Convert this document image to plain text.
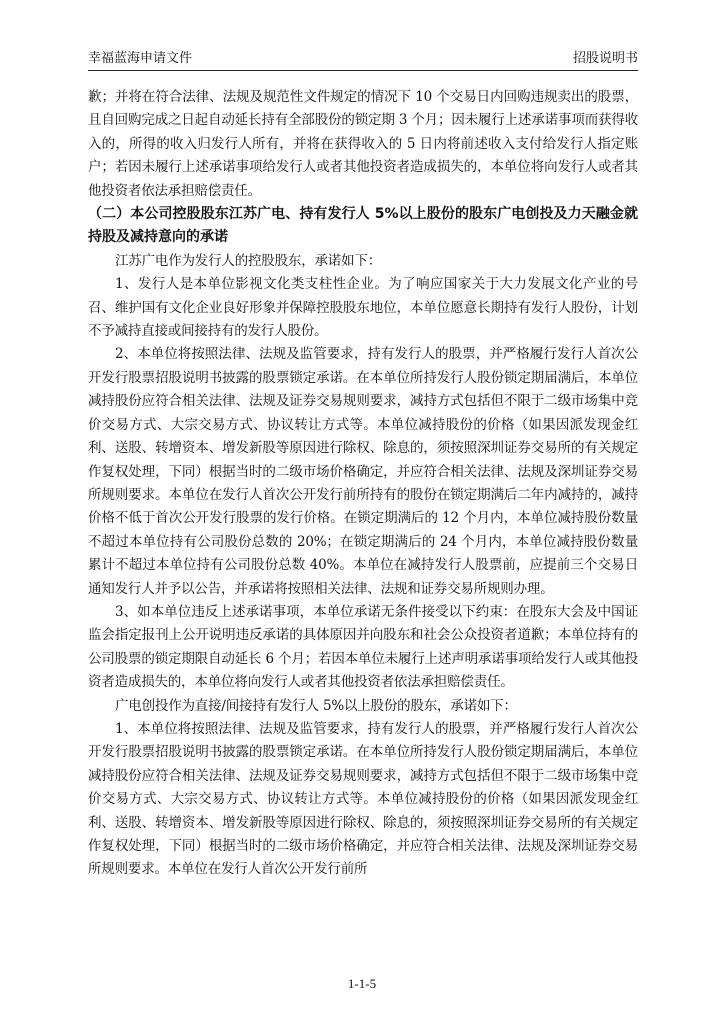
幸福蓝海申请文件	招股说明书

歉；并将在符合法律、法规及规范性文件规定的情况下 10 个交易日内回购违规卖出的股票，且自回购完成之日起自动延长持有全部股份的锁定期 3 个月；因未履行上述承诺事项而获得收入的，所得的收入归发行人所有，并将在获得收入的 5 日内将前述收入支付给发行人指定账户；若因未履行上述承诺事项给发行人或者其他投资者造成损失的，本单位将向发行人或者其他投资者依法承担赔偿责任。

（二）本公司控股股东江苏广电、持有发行人 5%以上股份的股东广电创投及力天融金就持股及减持意向的承诺

江苏广电作为发行人的控股股东，承诺如下：

1、发行人是本单位影视文化类支柱性企业。为了响应国家关于大力发展文化产业的号召、维护国有文化企业良好形象并保障控股股东地位，本单位愿意长期持有发行人股份，计划不予减持直接或间接持有的发行人股份。

2、本单位将按照法律、法规及监管要求，持有发行人的股票，并严格履行发行人首次公开发行股票招股说明书披露的股票锁定承诺。在本单位所持发行人股份锁定期届满后，本单位减持股份应符合相关法律、法规及证券交易规则要求，减持方式包括但不限于二级市场集中竞价交易方式、大宗交易方式、协议转让方式等。本单位减持股份的价格（如果因派发现金红利、送股、转增资本、增发新股等原因进行除权、除息的，须按照深圳证券交易所的有关规定作复权处理，下同）根据当时的二级市场价格确定，并应符合相关法律、法规及深圳证券交易所规则要求。本单位在发行人首次公开发行前所持有的股份在锁定期满后二年内减持的，减持价格不低于首次公开发行股票的发行价格。在锁定期满后的 12 个月内，本单位减持股份数量不超过本单位持有公司股份总数的 20%；在锁定期满后的 24 个月内，本单位减持股份数量累计不超过本单位持有公司股份总数 40%。本单位在减持发行人股票前，应提前三个交易日通知发行人并予以公告，并承诺将按照相关法律、法规和证券交易所规则办理。

3、如本单位违反上述承诺事项，本单位承诺无条件接受以下约束：在股东大会及中国证监会指定报刊上公开说明违反承诺的具体原因并向股东和社会公众投资者道歉；本单位持有的公司股票的锁定期限自动延长 6 个月；若因本单位未履行上述声明承诺事项给发行人或其他投资者造成损失的，本单位将向发行人或者其他投资者依法承担赔偿责任。

广电创投作为直接/间接持有发行人 5%以上股份的股东，承诺如下：

1、本单位将按照法律、法规及监管要求，持有发行人的股票，并严格履行发行人首次公开发行股票招股说明书披露的股票锁定承诺。在本单位所持发行人股份锁定期届满后，本单位减持股份应符合相关法律、法规及证券交易规则要求，减持方式包括但不限于二级市场集中竞价交易方式、大宗交易方式、协议转让方式等。本单位减持股份的价格（如果因派发现金红利、送股、转增资本、增发新股等原因进行除权、除息的，须按照深圳证券交易所的有关规定作复权处理，下同）根据当时的二级市场价格确定，并应符合相关法律、法规及深圳证券交易所规则要求。本单位在发行人首次公开发行前所

1-1-5
